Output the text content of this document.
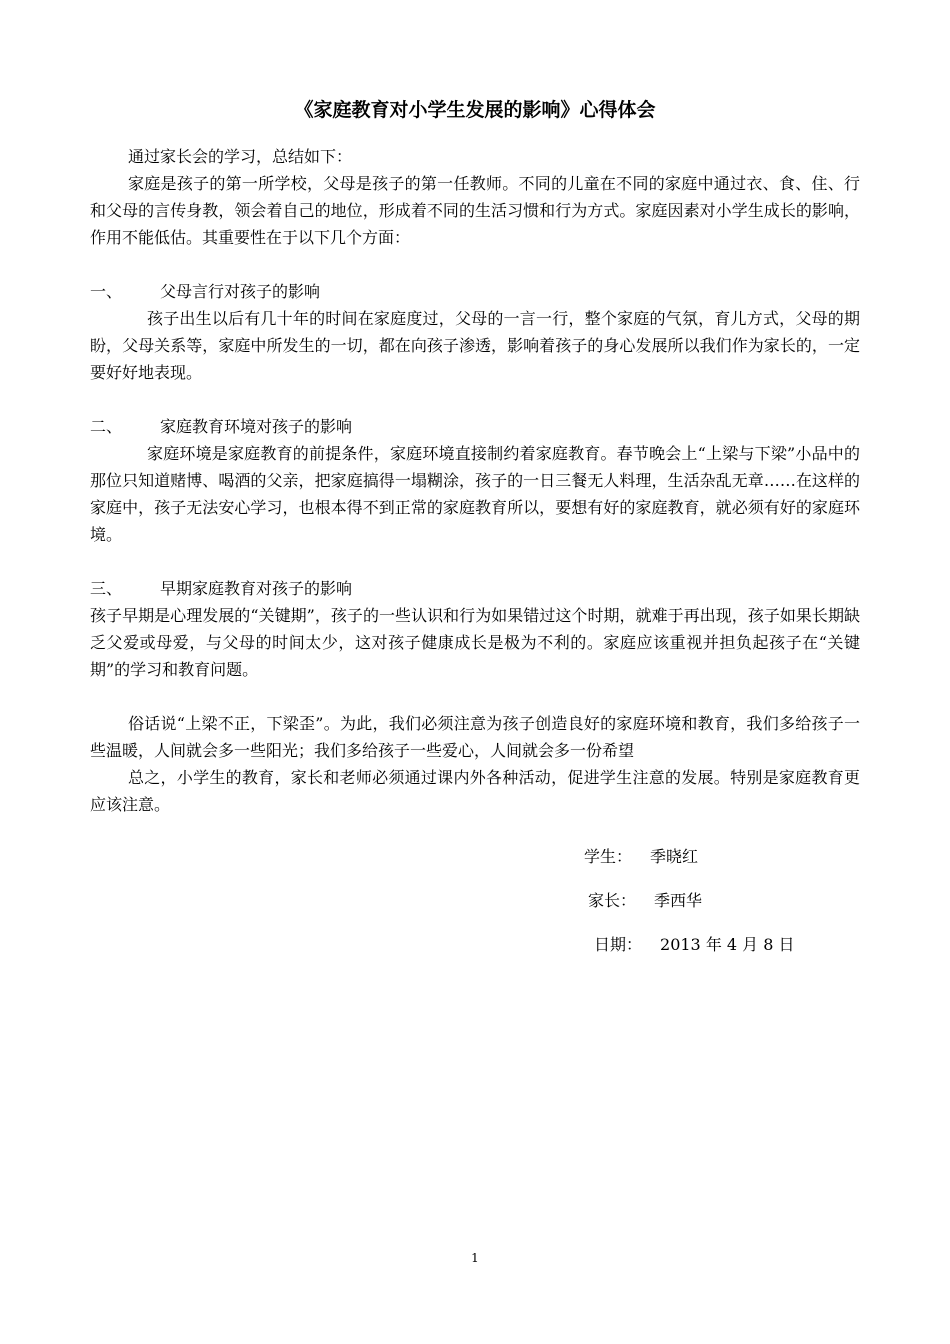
《家庭教育对小学生发展的影响》心得体会

通过家长会的学习，总结如下：

家庭是孩子的第一所学校，父母是孩子的第一任教师。不同的儿童在不同的家庭中通过衣、食、住、行和父母的言传身教，领会着自己的地位，形成着不同的生活习惯和行为方式。家庭因素对小学生成长的影响，作用不能低估。其重要性在于以下几个方面：

一、	父母言行对孩子的影响

孩子出生以后有几十年的时间在家庭度过，父母的一言一行，整个家庭的气氛，育儿方式，父母的期盼，父母关系等，家庭中所发生的一切，都在向孩子渗透，影响着孩子的身心发展所以我们作为家长的，一定要好好地表现。

二、	家庭教育环境对孩子的影响

家庭环境是家庭教育的前提条件，家庭环境直接制约着家庭教育。春节晚会上“上梁与下梁”小品中的那位只知道赌博、喝酒的父亲，把家庭搞得一塌糊涂，孩子的一日三餐无人料理，生活杂乱无章……在这样的家庭中，孩子无法安心学习，也根本得不到正常的家庭教育所以，要想有好的家庭教育，就必须有好的家庭环境。

三、	早期家庭教育对孩子的影响

孩子早期是心理发展的“关键期”，孩子的一些认识和行为如果错过这个时期，就难于再出现，孩子如果长期缺乏父爱或母爱，与父母的时间太少，这对孩子健康成长是极为不利的。家庭应该重视并担负起孩子在“关键期”的学习和教育问题。

俗话说“上梁不正，下梁歪”。为此，我们必须注意为孩子创造良好的家庭环境和教育，我们多给孩子一些温暖，人间就会多一些阳光；我们多给孩子一些爱心，人间就会多一份希望

总之，小学生的教育，家长和老师必须通过课内外各种活动，促进学生注意的发展。特别是家庭教育更应该注意。

学生： 季晓红
家长： 季西华
日期： 2013 年 4 月 8 日
1
